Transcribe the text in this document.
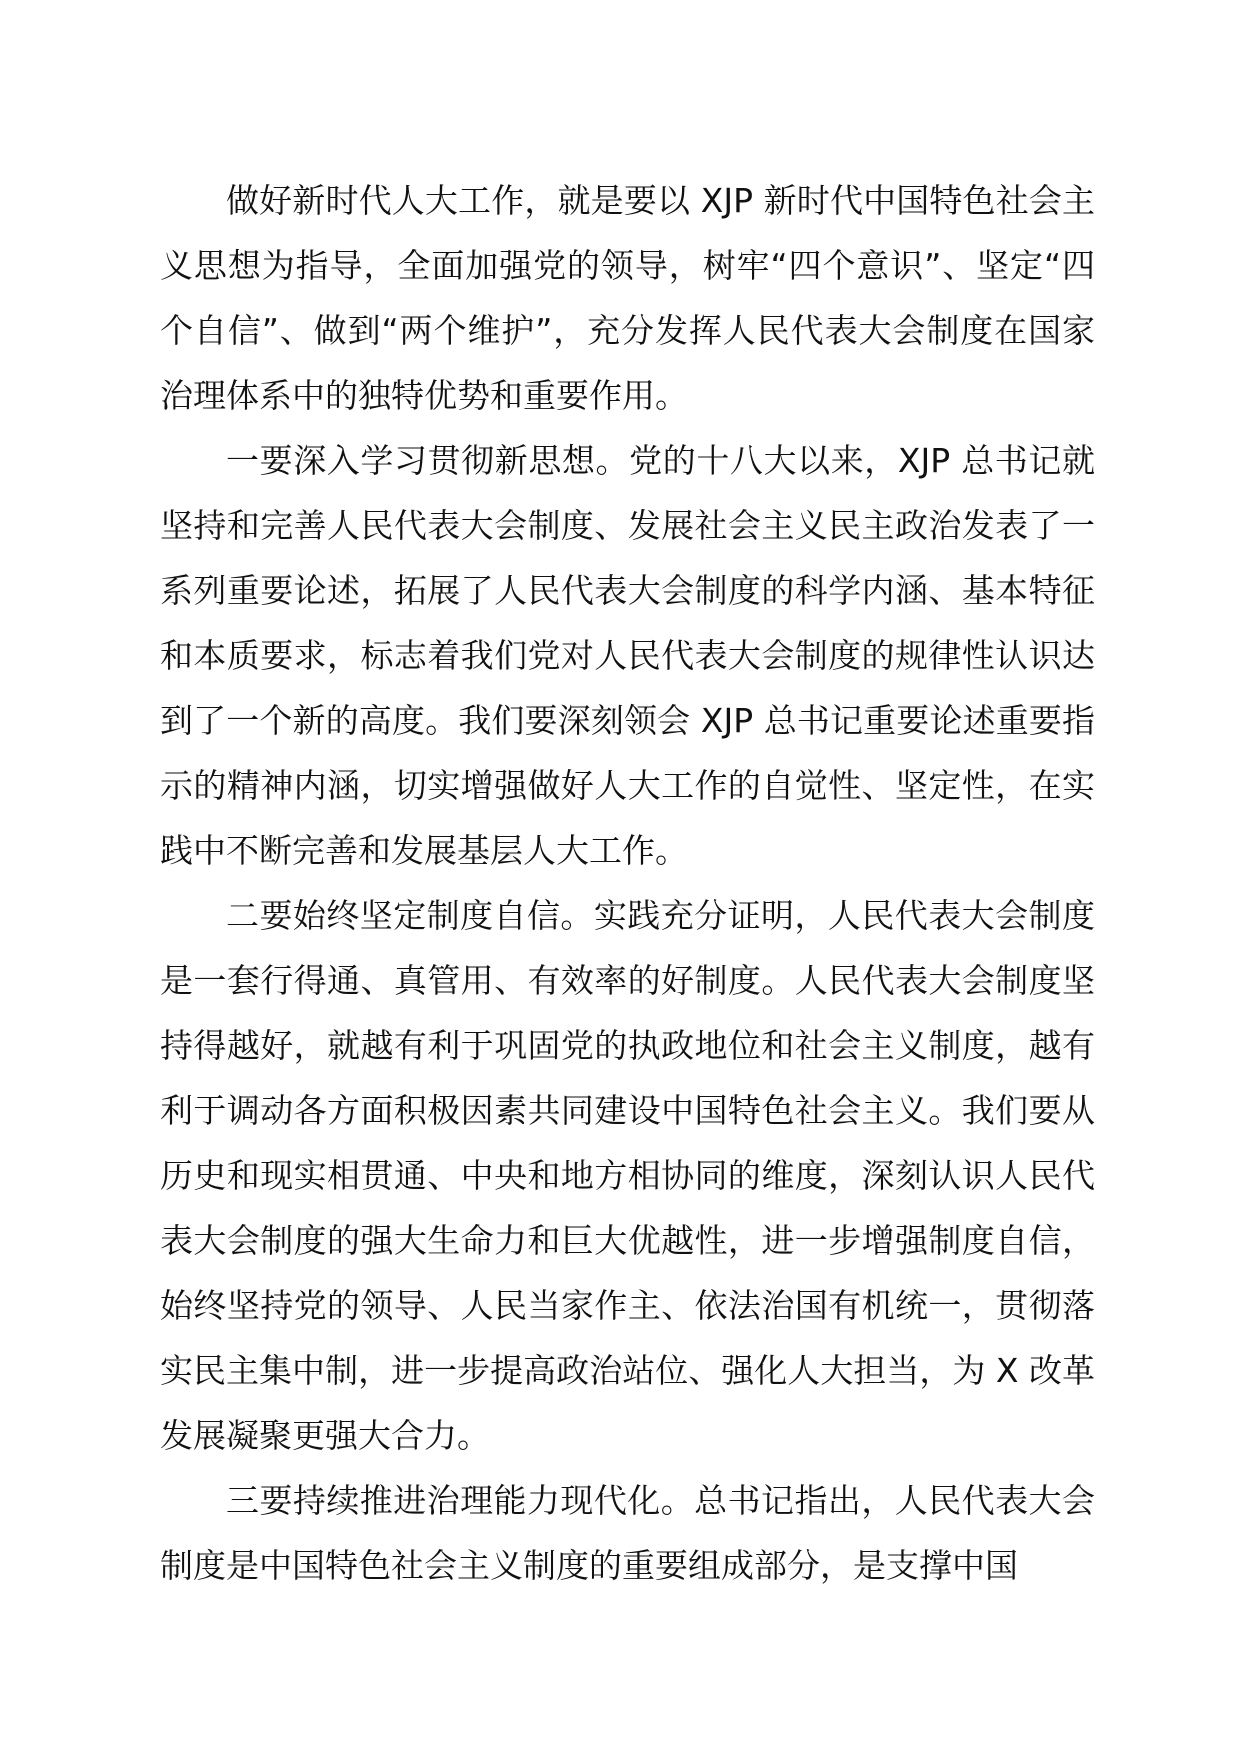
做好新时代人大工作，就是要以 XJP 新时代中国特色社会主义思想为指导，全面加强党的领导，树牢“四个意识”、坚定“四个自信”、做到“两个维护”，充分发挥人民代表大会制度在国家治理体系中的独特优势和重要作用。

一要深入学习贯彻新思想。党的十八大以来，XJP 总书记就坚持和完善人民代表大会制度、发展社会主义民主政治发表了一系列重要论述，拓展了人民代表大会制度的科学内涵、基本特征和本质要求，标志着我们党对人民代表大会制度的规律性认识达到了一个新的高度。我们要深刻领会 XJP 总书记重要论述重要指示的精神内涵，切实增强做好人大工作的自觉性、坚定性，在实践中不断完善和发展基层人大工作。

二要始终坚定制度自信。实践充分证明，人民代表大会制度是一套行得通、真管用、有效率的好制度。人民代表大会制度坚持得越好，就越有利于巩固党的执政地位和社会主义制度，越有利于调动各方面积极因素共同建设中国特色社会主义。我们要从历史和现实相贯通、中央和地方相协同的维度，深刻认识人民代表大会制度的强大生命力和巨大优越性，进一步增强制度自信，始终坚持党的领导、人民当家作主、依法治国有机统一，贯彻落实民主集中制，进一步提高政治站位、强化人大担当，为 X 改革发展凝聚更强大合力。

三要持续推进治理能力现代化。总书记指出，人民代表大会制度是中国特色社会主义制度的重要组成部分，是支撑中国
